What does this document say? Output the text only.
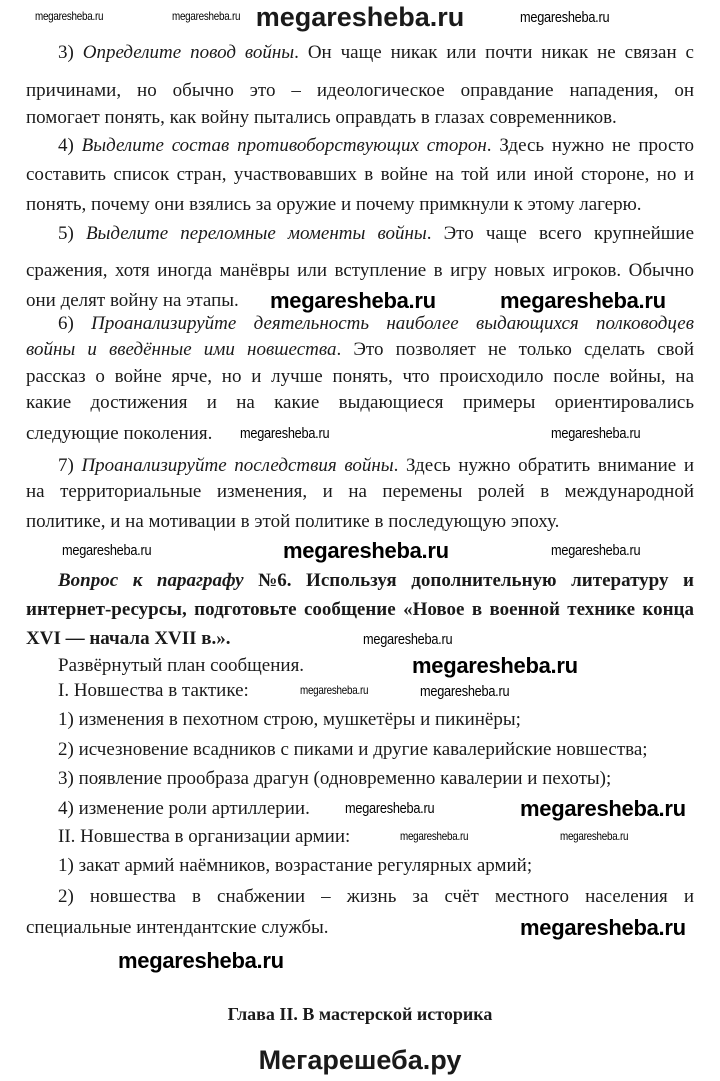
megaresheba.ru
3) Определите повод войны. Он чаще никак или почти никак не связан с
причинами, но обычно это – идеологическое оправдание нападения, он
помогает понять, как войну пытались оправдать в глазах современников.
4) Выделите состав противоборствующих сторон. Здесь нужно не просто
составить список стран, участвовавших в войне на той или иной стороне, но и
понять, почему они взялись за оружие и почему примкнули к этому лагерю.
5) Выделите переломные моменты войны. Это чаще всего крупнейшие
сражения, хотя иногда манёвры или вступление в игру новых игроков. Обычно
они делят войну на этапы.
6) Проанализируйте деятельность наиболее выдающихся полководцев
войны и введённые ими новшества. Это позволяет не только сделать свой
рассказ о войне ярче, но и лучше понять, что происходило после войны, на
какие достижения и на какие выдающиеся примеры ориентировались
следующие поколения.
7) Проанализируйте последствия войны. Здесь нужно обратить внимание и
на территориальные изменения, и на перемены ролей в международной
политике, и на мотивации в этой политике в последующую эпоху.
Вопрос к параграфу №6. Используя дополнительную литературу и
интернет-ресурсы, подготовьте сообщение «Новое в военной технике конца
XVI — начала XVII в.».
Развёрнутый план сообщения.
I. Новшества в тактике:
1) изменения в пехотном строю, мушкетёры и пикинёры;
2) исчезновение всадников с пиками и другие кавалерийские новшества;
3) появление прообраза драгун (одновременно кавалерии и пехоты);
4) изменение роли артиллерии.
II. Новшества в организации армии:
1) закат армий наёмников, возрастание регулярных армий;
2) новшества в снабжении – жизнь за счёт местного населения и
специальные интендантские службы.
megaresheba.ru	megaresheba.ru	megaresheba.ru
megaresheba.ru
megaresheba.ru
megaresheba.ru
megaresheba.ru	megaresheba.ru
megaresheba.ru
megaresheba.ru
megaresheba.ru	megaresheba.ru
megaresheba.ru
megaresheba.ru
megaresheba.ru	megaresheba.ru
megaresheba.ru	megaresheba.ru
megaresheba.ru
megaresheba.ru
Глава II. В мастерской историка
Мегарешеба.ру
